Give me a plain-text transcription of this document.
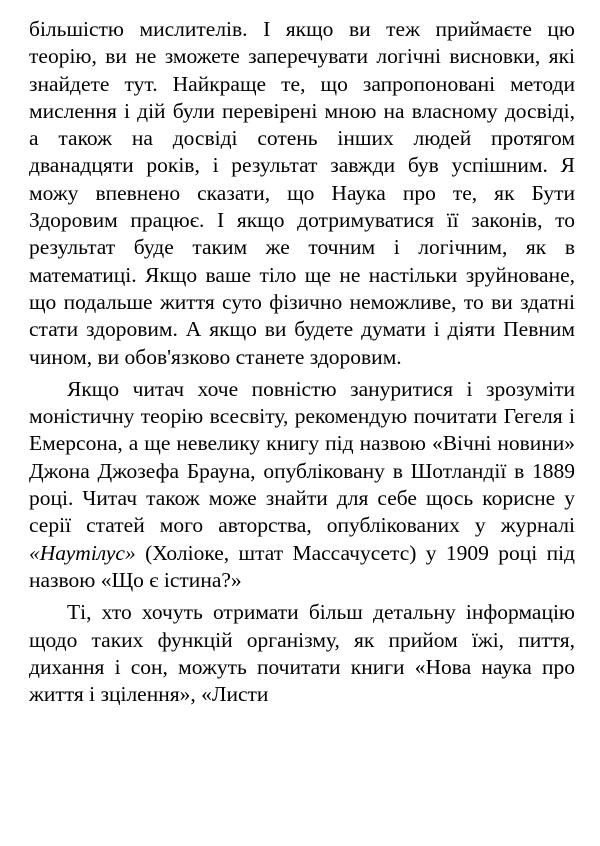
більшістю мислителів. І якщо ви теж приймаєте цю теорію, ви не зможете заперечувати логічні висновки, які знайдете тут. Найкраще те, що запропоновані методи мислення і дій були перевірені мною на власному досвіді, а також на досвіді сотень інших людей протягом дванадцяти років, і результат завжди був успішним. Я можу впевнено сказати, що Наука про те, як Бути Здоровим працює. І якщо дотримуватися її законів, то результат буде таким же точним і логічним, як в математиці. Якщо ваше тіло ще не настільки зруйноване, що подальше життя суто фізично неможливе, то ви здатні стати здоровим. А якщо ви будете думати і діяти Певним чином, ви обов'язково станете здоровим.

Якщо читач хоче повністю зануритися і зрозуміти моністичну теорію всесвіту, рекомендую почитати Гегеля і Емерсона, а ще невелику книгу під назвою «Вічні новини» Джона Джозефа Брауна, опубліковану в Шотландії в 1889 році. Читач також може знайти для себе щось корисне у серії статей мого авторства, опублікованих у журналі «Наутілус» (Холіоке, штат Массачусетс) у 1909 році під назвою «Що є істина?»

Ті, хто хочуть отримати більш детальну інформацію щодо таких функцій організму, як прийом їжі, пиття, дихання і сон, можуть почитати книги «Нова наука про життя і зцілення», «Листи
